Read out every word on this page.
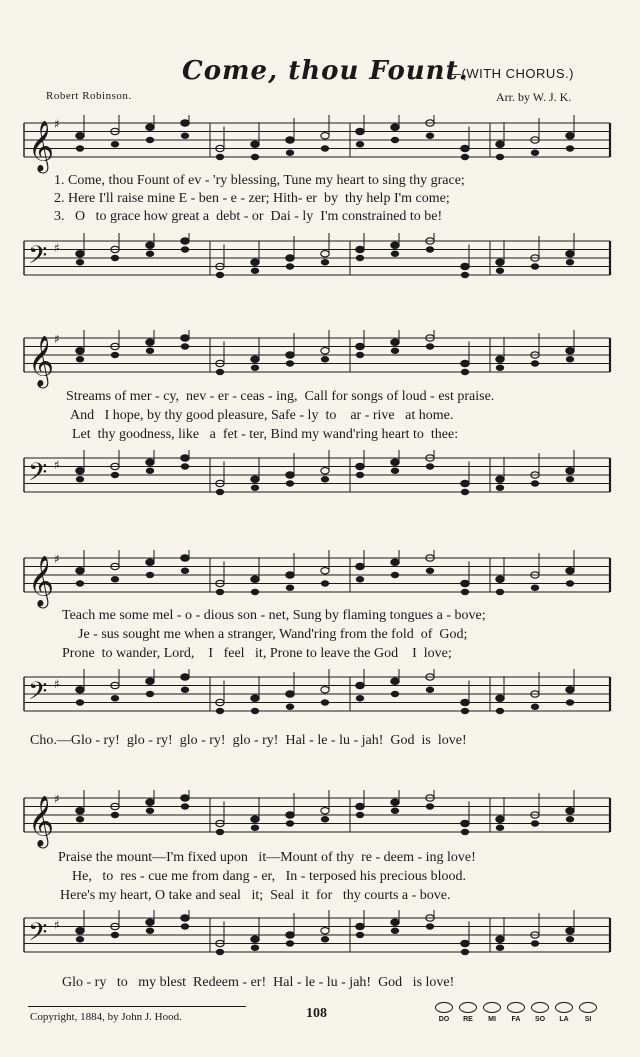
Come, thou Fount.
—(WITH CHORUS.)
Robert Robinson.	Arr. by W. J. K.
𝄞 ♯
1. Come, thou Fount of ev - 'ry blessing, Tune my heart to sing thy grace;
2. Here I'll raise mine E - ben - e - zer; Hith- er  by  thy help I'm come;
3.   O   to grace how great a  debt - or  Dai - ly  I'm constrained to be!
𝄢 ♯
𝄞 ♯
Streams of mer - cy,  nev - er - ceas - ing,  Call for songs of loud - est praise.
And   I hope, by thy good pleasure, Safe - ly  to    ar - rive   at home.
Let  thy goodness, like   a  fet - ter, Bind my wand'ring heart to  thee:
𝄢 ♯
𝄞 ♯
Teach me some mel - o - dious son - net, Sung by flaming tongues a - bove;
Je - sus sought me when a stranger, Wand'ring from the fold  of  God;
Prone  to wander, Lord,    I   feel   it, Prone to leave the God    I  love;
𝄢 ♯
Cho.—Glo - ry!  glo - ry!  glo - ry!  glo - ry!  Hal - le - lu - jah!  God  is  love!
𝄞 ♯
Praise the mount—I'm fixed upon   it—Mount of thy  re - deem - ing love!
He,   to  res - cue me from dang - er,   In - terposed his precious blood.
Here's my heart, O take and seal   it;  Seal  it  for   thy courts a - bove.
𝄢 ♯
Glo - ry   to   my blest  Redeem - er!  Hal - le - lu - jah!  God   is love!
Copyright, 1884, by John J. Hood.	108	DO	RE	MI	FA	SO	LA	SI
